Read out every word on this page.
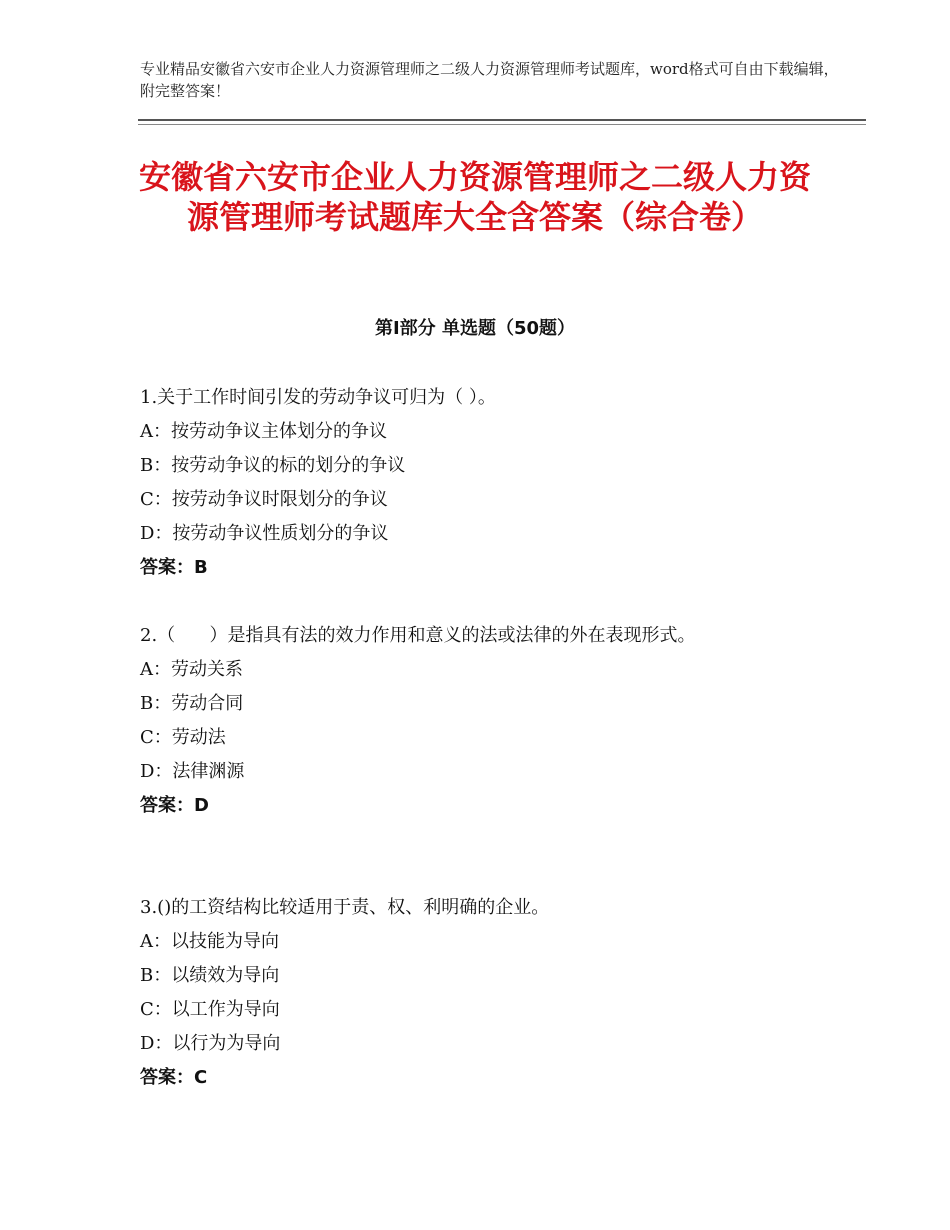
专业精品安徽省六安市企业人力资源管理师之二级人力资源管理师考试题库，word格式可自由下载编辑，附完整答案！
安徽省六安市企业人力资源管理师之二级人力资源管理师考试题库大全含答案（综合卷）
第Ⅰ部分 单选题（50题）
1.关于工作时间引发的劳动争议可归为（ ）。
A：按劳动争议主体划分的争议
B：按劳动争议的标的划分的争议
C：按劳动争议时限划分的争议
D：按劳动争议性质划分的争议
答案：B
2.（      ）是指具有法的效力作用和意义的法或法律的外在表现形式。
A：劳动关系
B：劳动合同
C：劳动法
D：法律渊源
答案：D
3.()的工资结构比较适用于责、权、利明确的企业。
A：以技能为导向
B：以绩效为导向
C：以工作为导向
D：以行为为导向
答案：C
